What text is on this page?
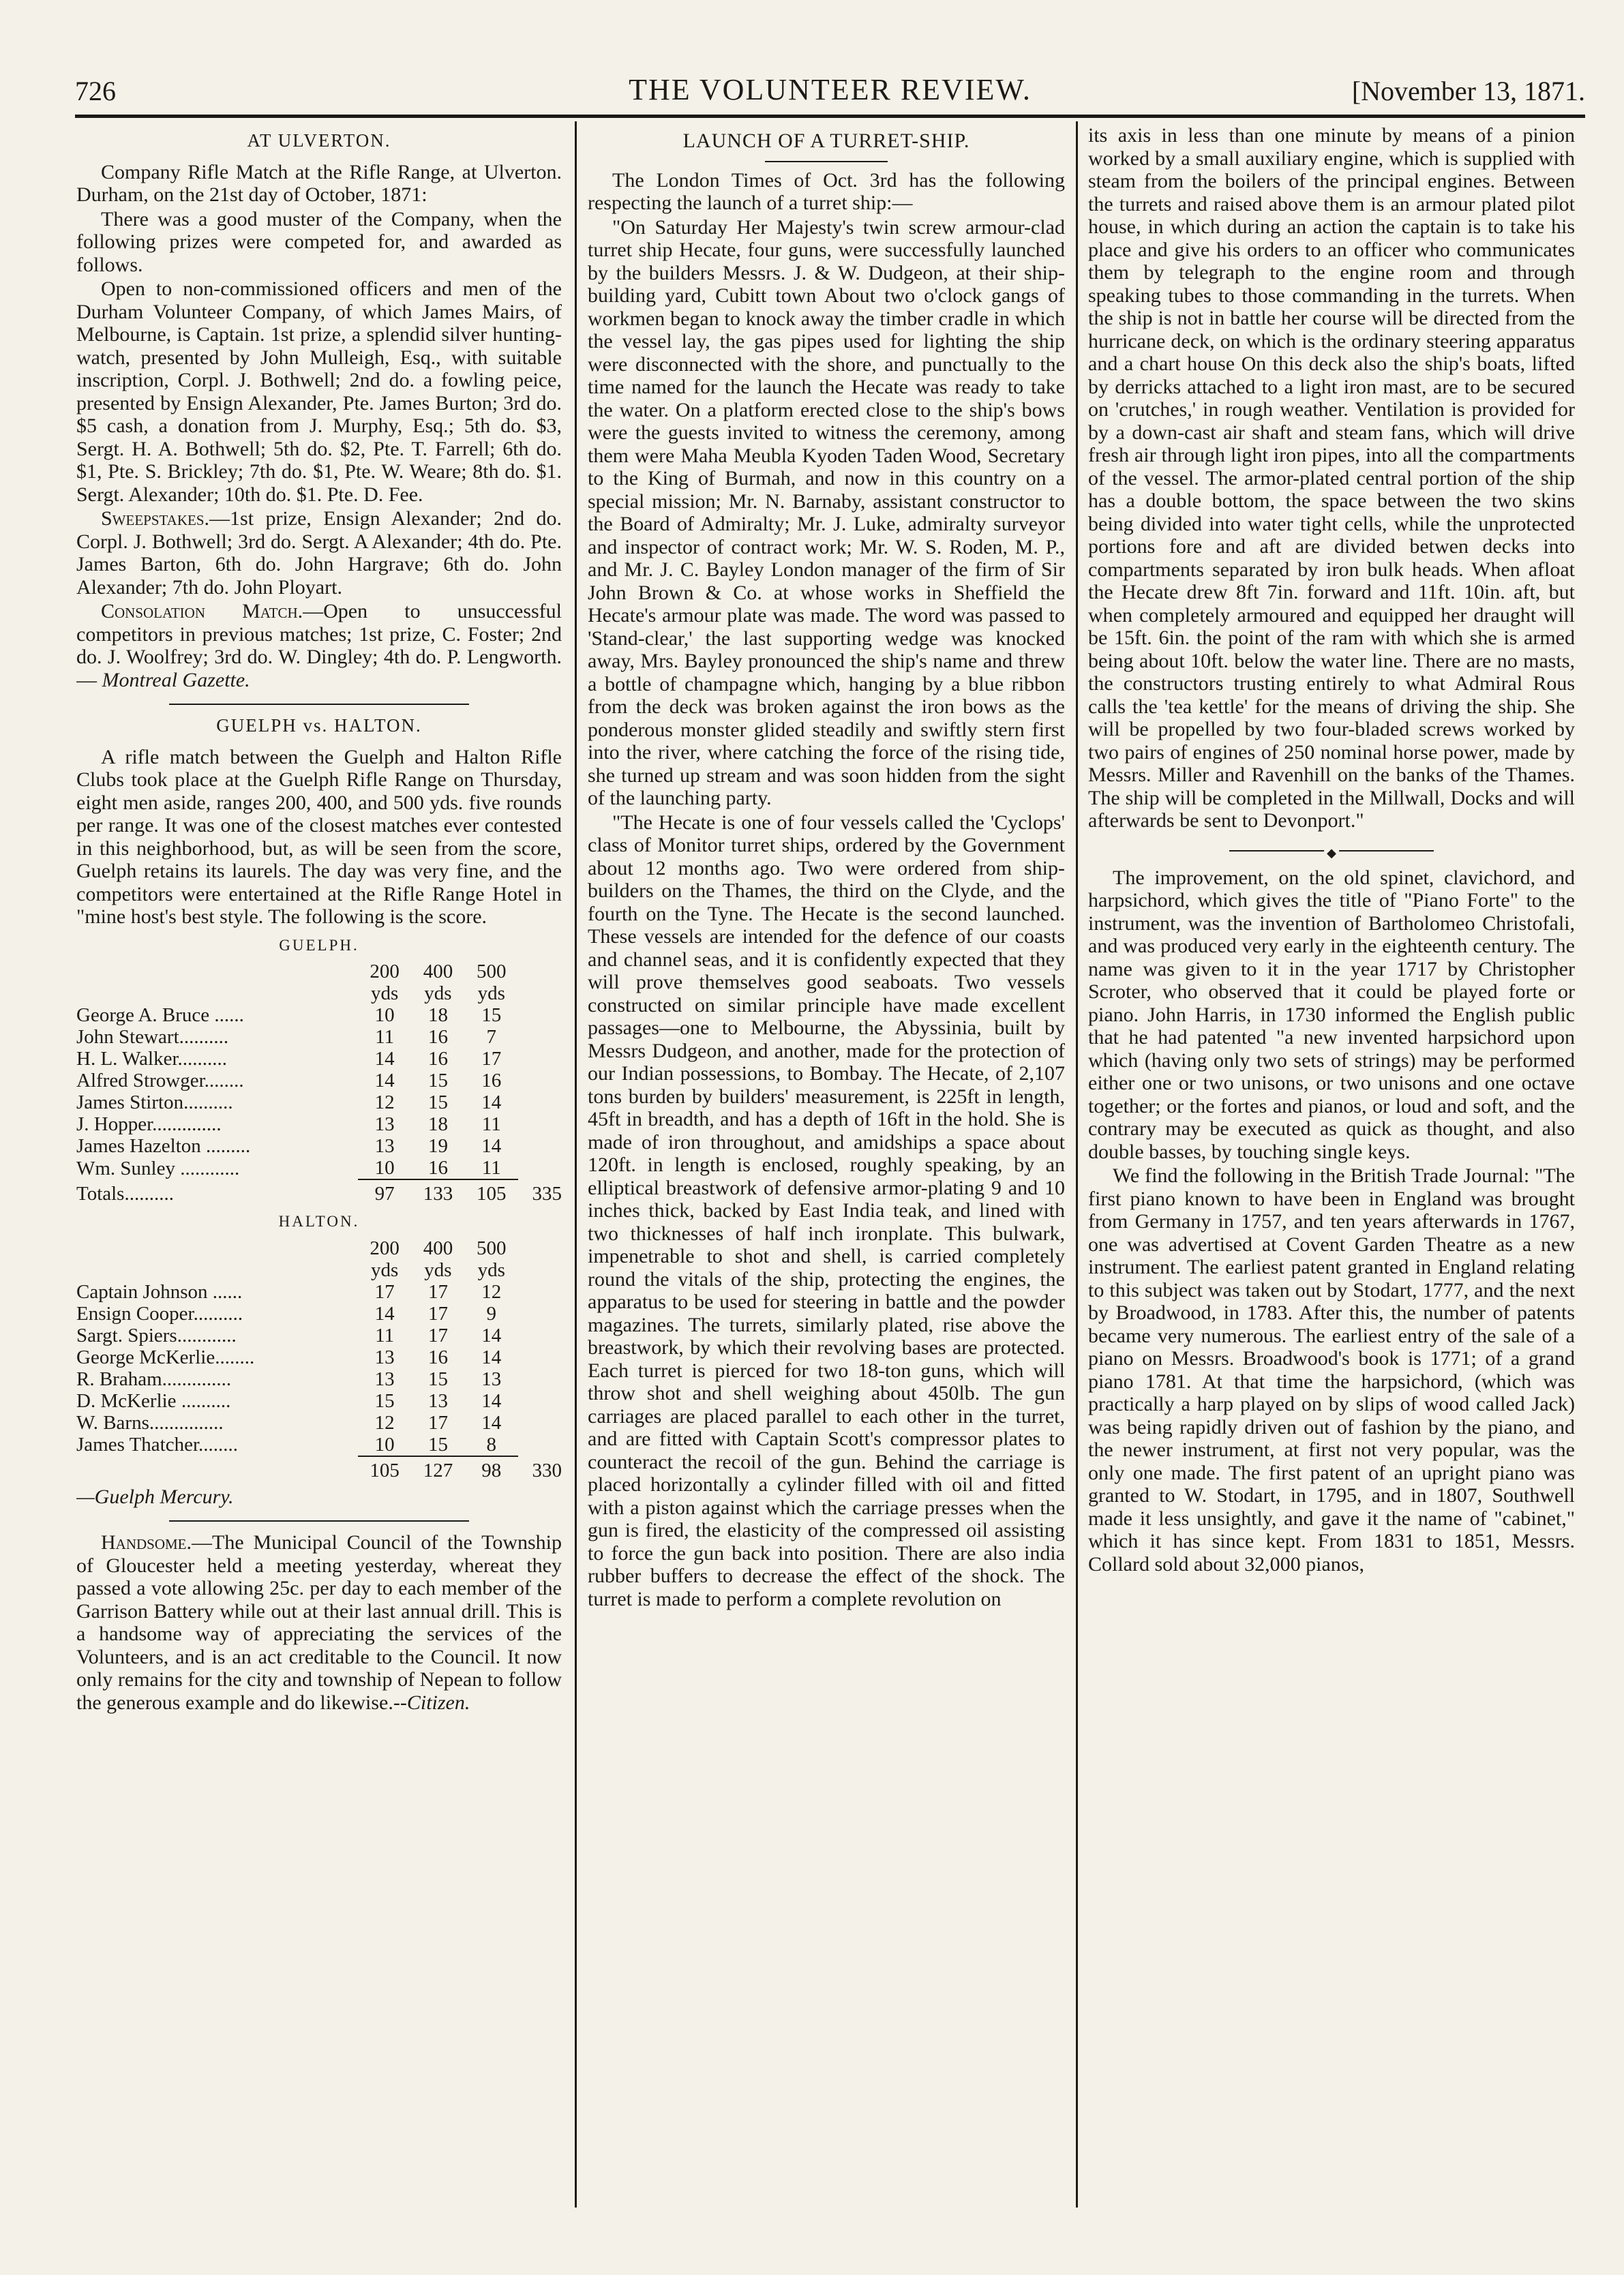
726	THE VOLUNTEER REVIEW.	[November 13, 1871.
AT ULVERTON.

Company Rifle Match at the Rifle Range, at Ulverton. Durham, on the 21st day of October, 1871:

There was a good muster of the Company, when the following prizes were competed for, and awarded as follows.

Open to non-commissioned officers and men of the Durham Volunteer Company, of which James Mairs, of Melbourne, is Captain. 1st prize, a splendid silver hunting-watch, presented by John Mulleigh, Esq., with suitable inscription, Corpl. J. Bothwell; 2nd do. a fowling peice, presented by Ensign Alexander, Pte. James Burton; 3rd do. $5 cash, a donation from J. Murphy, Esq.; 5th do. $3, Sergt. H. A. Bothwell; 5th do. $2, Pte. T. Farrell; 6th do. $1, Pte. S. Brickley; 7th do. $1, Pte. W. Weare; 8th do. $1. Sergt. Alexander; 10th do. $1. Pte. D. Fee.

Sweepstakes.—1st prize, Ensign Alexander; 2nd do. Corpl. J. Bothwell; 3rd do. Sergt. A Alexander; 4th do. Pte. James Barton, 6th do. John Hargrave; 6th do. John Alexander; 7th do. John Ployart.

Consolation Match.—Open to unsuccessful competitors in previous matches; 1st prize, C. Foster; 2nd do. J. Woolfrey; 3rd do. W. Dingley; 4th do. P. Lengworth.— Montreal Gazette.

GUELPH vs. HALTON.

A rifle match between the Guelph and Halton Rifle Clubs took place at the Guelph Rifle Range on Thursday, eight men aside, ranges 200, 400, and 500 yds. five rounds per range. It was one of the closest matches ever contested in this neighborhood, but, as will be seen from the score, Guelph retains its laurels. The day was very fine, and the competitors were entertained at the Rifle Range Hotel in "mine host's best style. The following is the score.

GUELPH.
	200	400	500	
	yds	yds	yds	
George A. Bruce ......	10	18	15	
John Stewart..........	11	16	7	
H. L. Walker..........	14	16	17	
Alfred Strowger........	14	15	16	
James Stirton..........	12	15	14	
J. Hopper..............	13	18	11	
James Hazelton .........	13	19	14	
Wm. Sunley ............	10	16	11	

Totals..........	97	133	105	335
HALTON.
	200	400	500	
	yds	yds	yds	
Captain Johnson ......	17	17	12	
Ensign Cooper..........	14	17	9	
Sargt. Spiers............	11	17	14	
George McKerlie........	13	16	14	
R. Braham..............	13	15	13	
D. McKerlie ..........	15	13	14	
W. Barns...............	12	17	14	
James Thatcher........	10	15	8	

	105	127	98	330

—Guelph Mercury.

Handsome.—The Municipal Council of the Township of Gloucester held a meeting yesterday, whereat they passed a vote allowing 25c. per day to each member of the Garrison Battery while out at their last annual drill. This is a handsome way of appreciating the services of the Volunteers, and is an act creditable to the Council. It now only remains for the city and township of Nepean to follow the generous example and do likewise.--Citizen.

LAUNCH OF A TURRET-SHIP.

The London Times of Oct. 3rd has the following respecting the launch of a turret ship:—

"On Saturday Her Majesty's twin screw armour-clad turret ship Hecate, four guns, were successfully launched by the builders Messrs. J. & W. Dudgeon, at their ship-building yard, Cubitt town About two o'clock gangs of workmen began to knock away the timber cradle in which the vessel lay, the gas pipes used for lighting the ship were disconnected with the shore, and punctually to the time named for the launch the Hecate was ready to take the water. On a platform erected close to the ship's bows were the guests invited to witness the ceremony, among them were Maha Meubla Kyoden Taden Wood, Secretary to the King of Burmah, and now in this country on a special mission; Mr. N. Barnaby, assistant constructor to the Board of Admiralty; Mr. J. Luke, admiralty surveyor and inspector of contract work; Mr. W. S. Roden, M. P., and Mr. J. C. Bayley London manager of the firm of Sir John Brown & Co. at whose works in Sheffield the Hecate's armour plate was made. The word was passed to 'Stand-clear,' the last supporting wedge was knocked away, Mrs. Bayley pronounced the ship's name and threw a bottle of champagne which, hanging by a blue ribbon from the deck was broken against the iron bows as the ponderous monster glided steadily and swiftly stern first into the river, where catching the force of the rising tide, she turned up stream and was soon hidden from the sight of the launching party.

"The Hecate is one of four vessels called the 'Cyclops' class of Monitor turret ships, ordered by the Government about 12 months ago. Two were ordered from ship-builders on the Thames, the third on the Clyde, and the fourth on the Tyne. The Hecate is the second launched. These vessels are intended for the defence of our coasts and channel seas, and it is confidently expected that they will prove themselves good seaboats. Two vessels constructed on similar principle have made excellent passages—one to Melbourne, the Abyssinia, built by Messrs Dudgeon, and another, made for the protection of our Indian possessions, to Bombay. The Hecate, of 2,107 tons burden by builders' measurement, is 225ft in length, 45ft in breadth, and has a depth of 16ft in the hold. She is made of iron throughout, and amidships a space about 120ft. in length is enclosed, roughly speaking, by an elliptical breastwork of defensive armor-plating 9 and 10 inches thick, backed by East India teak, and lined with two thicknesses of half inch ironplate. This bulwark, impenetrable to shot and shell, is carried completely round the vitals of the ship, protecting the engines, the apparatus to be used for steering in battle and the powder magazines. The turrets, similarly plated, rise above the breastwork, by which their revolving bases are protected. Each turret is pierced for two 18-ton guns, which will throw shot and shell weighing about 450lb. The gun carriages are placed parallel to each other in the turret, and are fitted with Captain Scott's compressor plates to counteract the recoil of the gun. Behind the carriage is placed horizontally a cylinder filled with oil and fitted with a piston against which the carriage presses when the gun is fired, the elasticity of the compressed oil assisting to force the gun back into position. There are also india rubber buffers to decrease the effect of the shock. The turret is made to perform a complete revolution on

its axis in less than one minute by means of a pinion worked by a small auxiliary engine, which is supplied with steam from the boilers of the principal engines. Between the turrets and raised above them is an armour plated pilot house, in which during an action the captain is to take his place and give his orders to an officer who communicates them by telegraph to the engine room and through speaking tubes to those commanding in the turrets. When the ship is not in battle her course will be directed from the hurricane deck, on which is the ordinary steering apparatus and a chart house On this deck also the ship's boats, lifted by derricks attached to a light iron mast, are to be secured on 'crutches,' in rough weather. Ventilation is provided for by a down-cast air shaft and steam fans, which will drive fresh air through light iron pipes, into all the compartments of the vessel. The armor-plated central portion of the ship has a double bottom, the space between the two skins being divided into water tight cells, while the unprotected portions fore and aft are divided betwen decks into compartments separated by iron bulk heads. When afloat the Hecate drew 8ft 7in. forward and 11ft. 10in. aft, but when completely armoured and equipped her draught will be 15ft. 6in. the point of the ram with which she is armed being about 10ft. below the water line. There are no masts, the constructors trusting entirely to what Admiral Rous calls the 'tea kettle' for the means of driving the ship. She will be propelled by two four-bladed screws worked by two pairs of engines of 250 nominal horse power, made by Messrs. Miller and Ravenhill on the banks of the Thames. The ship will be completed in the Millwall, Docks and will afterwards be sent to Devonport."

◆

The improvement, on the old spinet, clavichord, and harpsichord, which gives the title of "Piano Forte" to the instrument, was the invention of Bartholomeo Christofali, and was produced very early in the eighteenth century. The name was given to it in the year 1717 by Christopher Scroter, who observed that it could be played forte or piano. John Harris, in 1730 informed the English public that he had patented "a new invented harpsichord upon which (having only two sets of strings) may be performed either one or two unisons, or two unisons and one octave together; or the fortes and pianos, or loud and soft, and the contrary may be executed as quick as thought, and also double basses, by touching single keys.

We find the following in the British Trade Journal: "The first piano known to have been in England was brought from Germany in 1757, and ten years afterwards in 1767, one was advertised at Covent Garden Theatre as a new instrument. The earliest patent granted in England relating to this subject was taken out by Stodart, 1777, and the next by Broadwood, in 1783. After this, the number of patents became very numerous. The earliest entry of the sale of a piano on Messrs. Broadwood's book is 1771; of a grand piano 1781. At that time the harpsichord, (which was practically a harp played on by slips of wood called Jack) was being rapidly driven out of fashion by the piano, and the newer instrument, at first not very popular, was the only one made. The first patent of an upright piano was granted to W. Stodart, in 1795, and in 1807, Southwell made it less unsightly, and gave it the name of "cabinet," which it has since kept. From 1831 to 1851, Messrs. Collard sold about 32,000 pianos,
